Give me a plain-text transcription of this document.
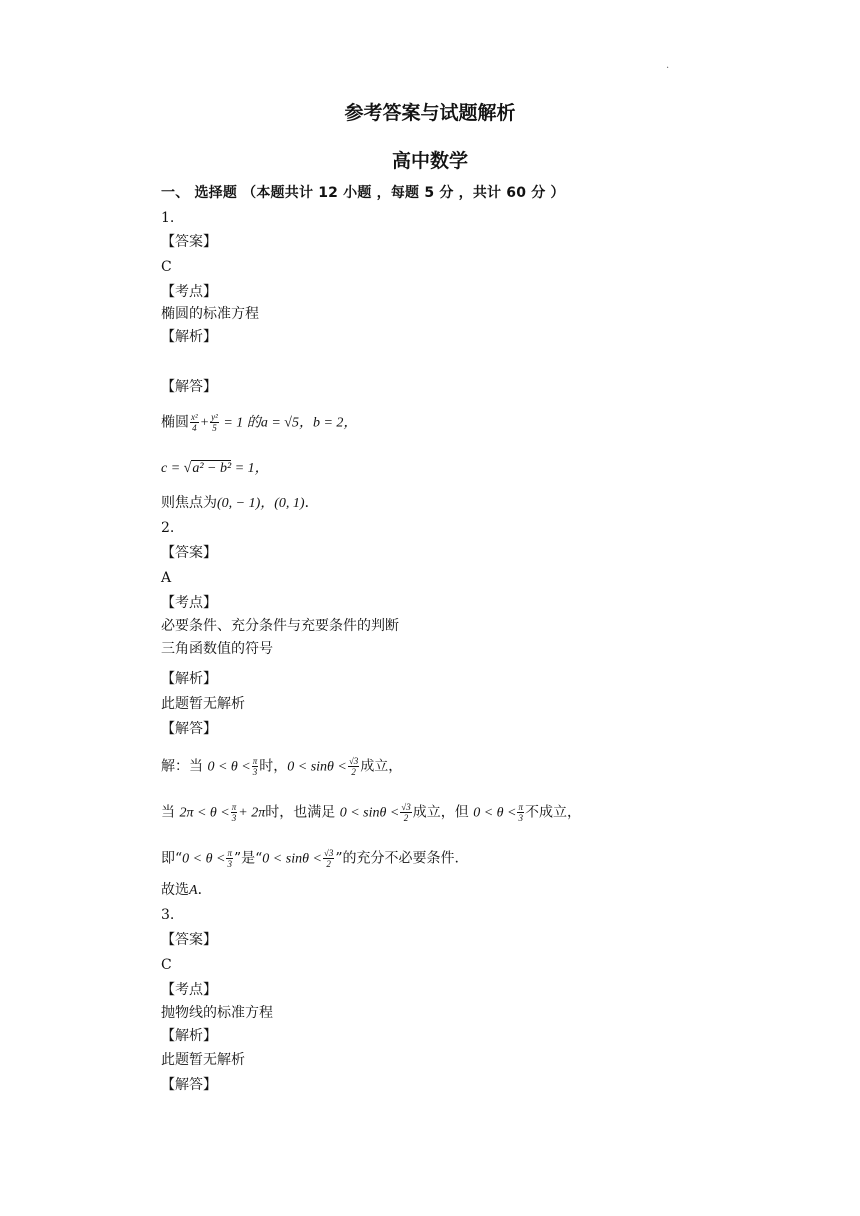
.
参考答案与试题解析
高中数学
一、 选择题 （本题共计 12 小题 ，每题 5 分 ，共计 60 分 ）
1.
【答案】
C
【考点】
椭圆的标准方程
【解析】
【解答】
椭圆 $\frac{\text{x²}}{4} + \frac{\text{y²}}{5} = 1$ 的a = √5，b = 2，
c = √a² − b² = 1，
则焦点为(0, − 1)，(0, 1)．
2.
【答案】
A
【考点】
必要条件、充分条件与充要条件的判断
三角函数值的符号
【解析】
此题暂无解析
【解答】
解：当 $0 < \theta < \frac{\pi}{3}$ 时，$0 < \sin\theta < \frac{√3}{2}$ 成立，
当 $2\pi < \theta < \frac{\pi}{3} + 2\pi$时，也满足 $0 < \sin\theta < \frac{√3}{2}$ 成立，但 $0 < \theta < \frac{\pi}{3}$ 不成立，
即“$0 < \theta < \frac{\pi}{3}$ ”是“$0 < \sin\theta < \frac{√3}{2}$ ”的充分不必要条件.
故选A．
3.
【答案】
C
【考点】
抛物线的标准方程
【解析】
此题暂无解析
【解答】
